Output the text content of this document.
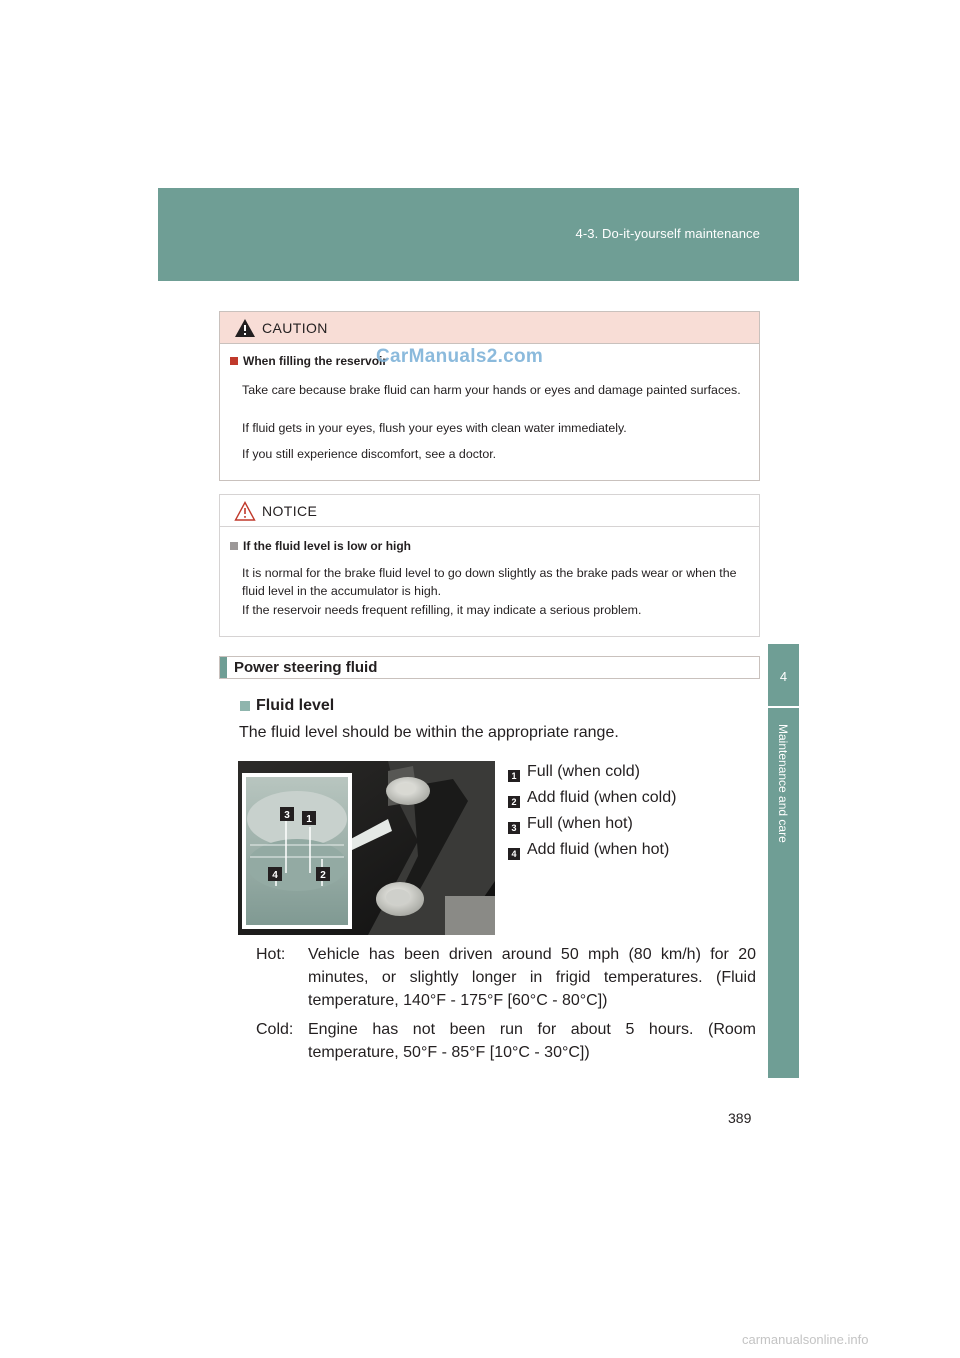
4-3. Do-it-yourself maintenance
4
Maintenance and care
CAUTION
When filling the reservoir
CarManuals2.com
Take care because brake fluid can harm your hands or eyes and damage painted surfaces.
If fluid gets in your eyes, flush your eyes with clean water immediately.
If you still experience discomfort, see a doctor.
NOTICE
If the fluid level is low or high
It is normal for the brake fluid level to go down slightly as the brake pads wear or when the fluid level in the accumulator is high.
If the reservoir needs frequent refilling, it may indicate a serious problem.
Power steering fluid
Fluid level
The fluid level should be within the appropriate range.
3 1
4	2
1 Full (when cold)
2 Add fluid (when cold)
3 Full (when hot)
4 Add fluid (when hot)
Hot:	Vehicle has been driven around 50 mph (80 km/h) for 20 minutes, or slightly longer in frigid temperatures. (Fluid temperature, 140°F - 175°F [60°C - 80°C])
Cold: Engine has not been run for about 5 hours. (Room temperature, 50°F - 85°F [10°C - 30°C])
389
carmanualsonline.info
